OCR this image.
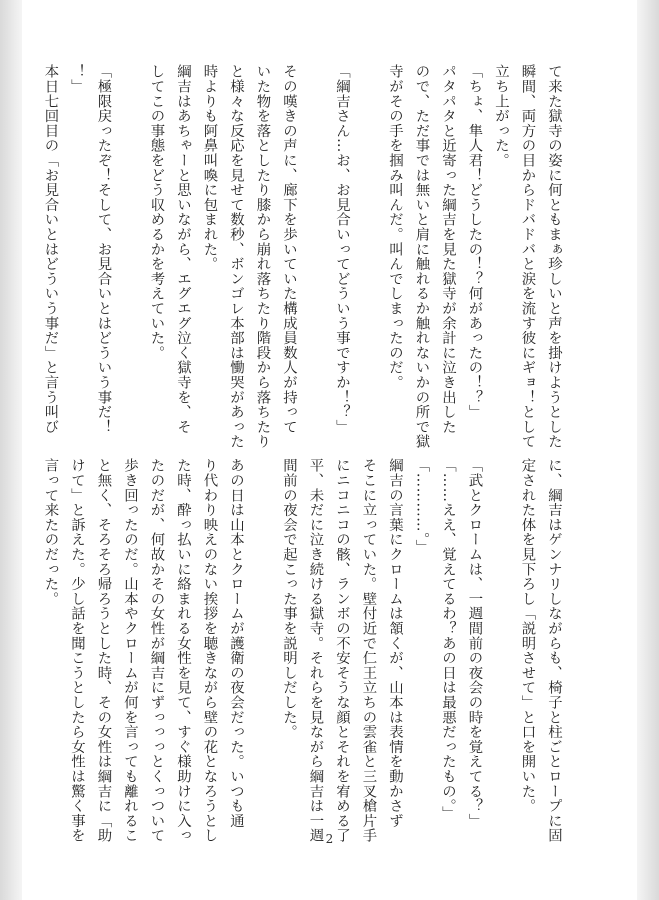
て来た獄寺の姿に何ともまぁ珍しいと声を掛けようとした
瞬間、両方の目からドバドバと涙を流す彼にギョ！として
立ち上がった。
「ちょ、隼人君！どうしたの！？何があったの！？」
パタパタと近寄った綱吉を見た獄寺が余計に泣き出した
ので、ただ事では無いと肩に触れるか触れないかの所で獄
寺がその手を掴み叫んだ。叫んでしまったのだ。

「綱吉さん…お、お見合いってどういう事ですか！？」

その嘆きの声に、廊下を歩いていた構成員数人が持って
いた物を落としたり膝から崩れ落ちたり階段から落ちたり
と様々な反応を見せて数秒、ボンゴレ本部は慟哭があった
時よりも阿鼻叫喚に包まれた。
綱吉はあちゃーと思いながら、エグエグ泣く獄寺を、そ
してこの事態をどう収めるかを考えていた。

「極限戻ったぞ！そして、お見合いとはどういう事だ！
！」
本日七回目の「お見合いとはどういう事だ」と言う叫び
に、綱吉はゲンナリしながらも、椅子と柱ごとロープに固
定された体を見下ろし「説明させて」と口を開いた。

「武とクロームは、一週間前の夜会の時を覚えてる？」
「……ええ、覚えてるわ？あの日は最悪だったもの。」
「…………。」
綱吉の言葉にクロームは頷くが、山本は表情を動かさず
そこに立っていた。壁付近で仁王立ちの雲雀と三叉槍片手
にニコニコの骸、ランボの不安そうな顔とそれを宥める了
平、未だに泣き続ける獄寺。それらを見ながら綱吉は一週
間前の夜会で起こった事を説明しだした。

あの日は山本とクロームが護衛の夜会だった。いつも通
り代わり映えのない挨拶を聴きながら壁の花となろうとし
た時、酔っ払いに絡まれる女性を見て、すぐ様助けに入っ
たのだが、何故かその女性が綱吉にずっっっとくっついて
歩き回ったのだ。山本やクロームが何を言っても離れるこ
と無く、そろそろ帰ろうとした時、その女性は綱吉に「助
けて」と訴えた。少し話を聞こうとしたら女性は驚く事を
言って来たのだった。
2
